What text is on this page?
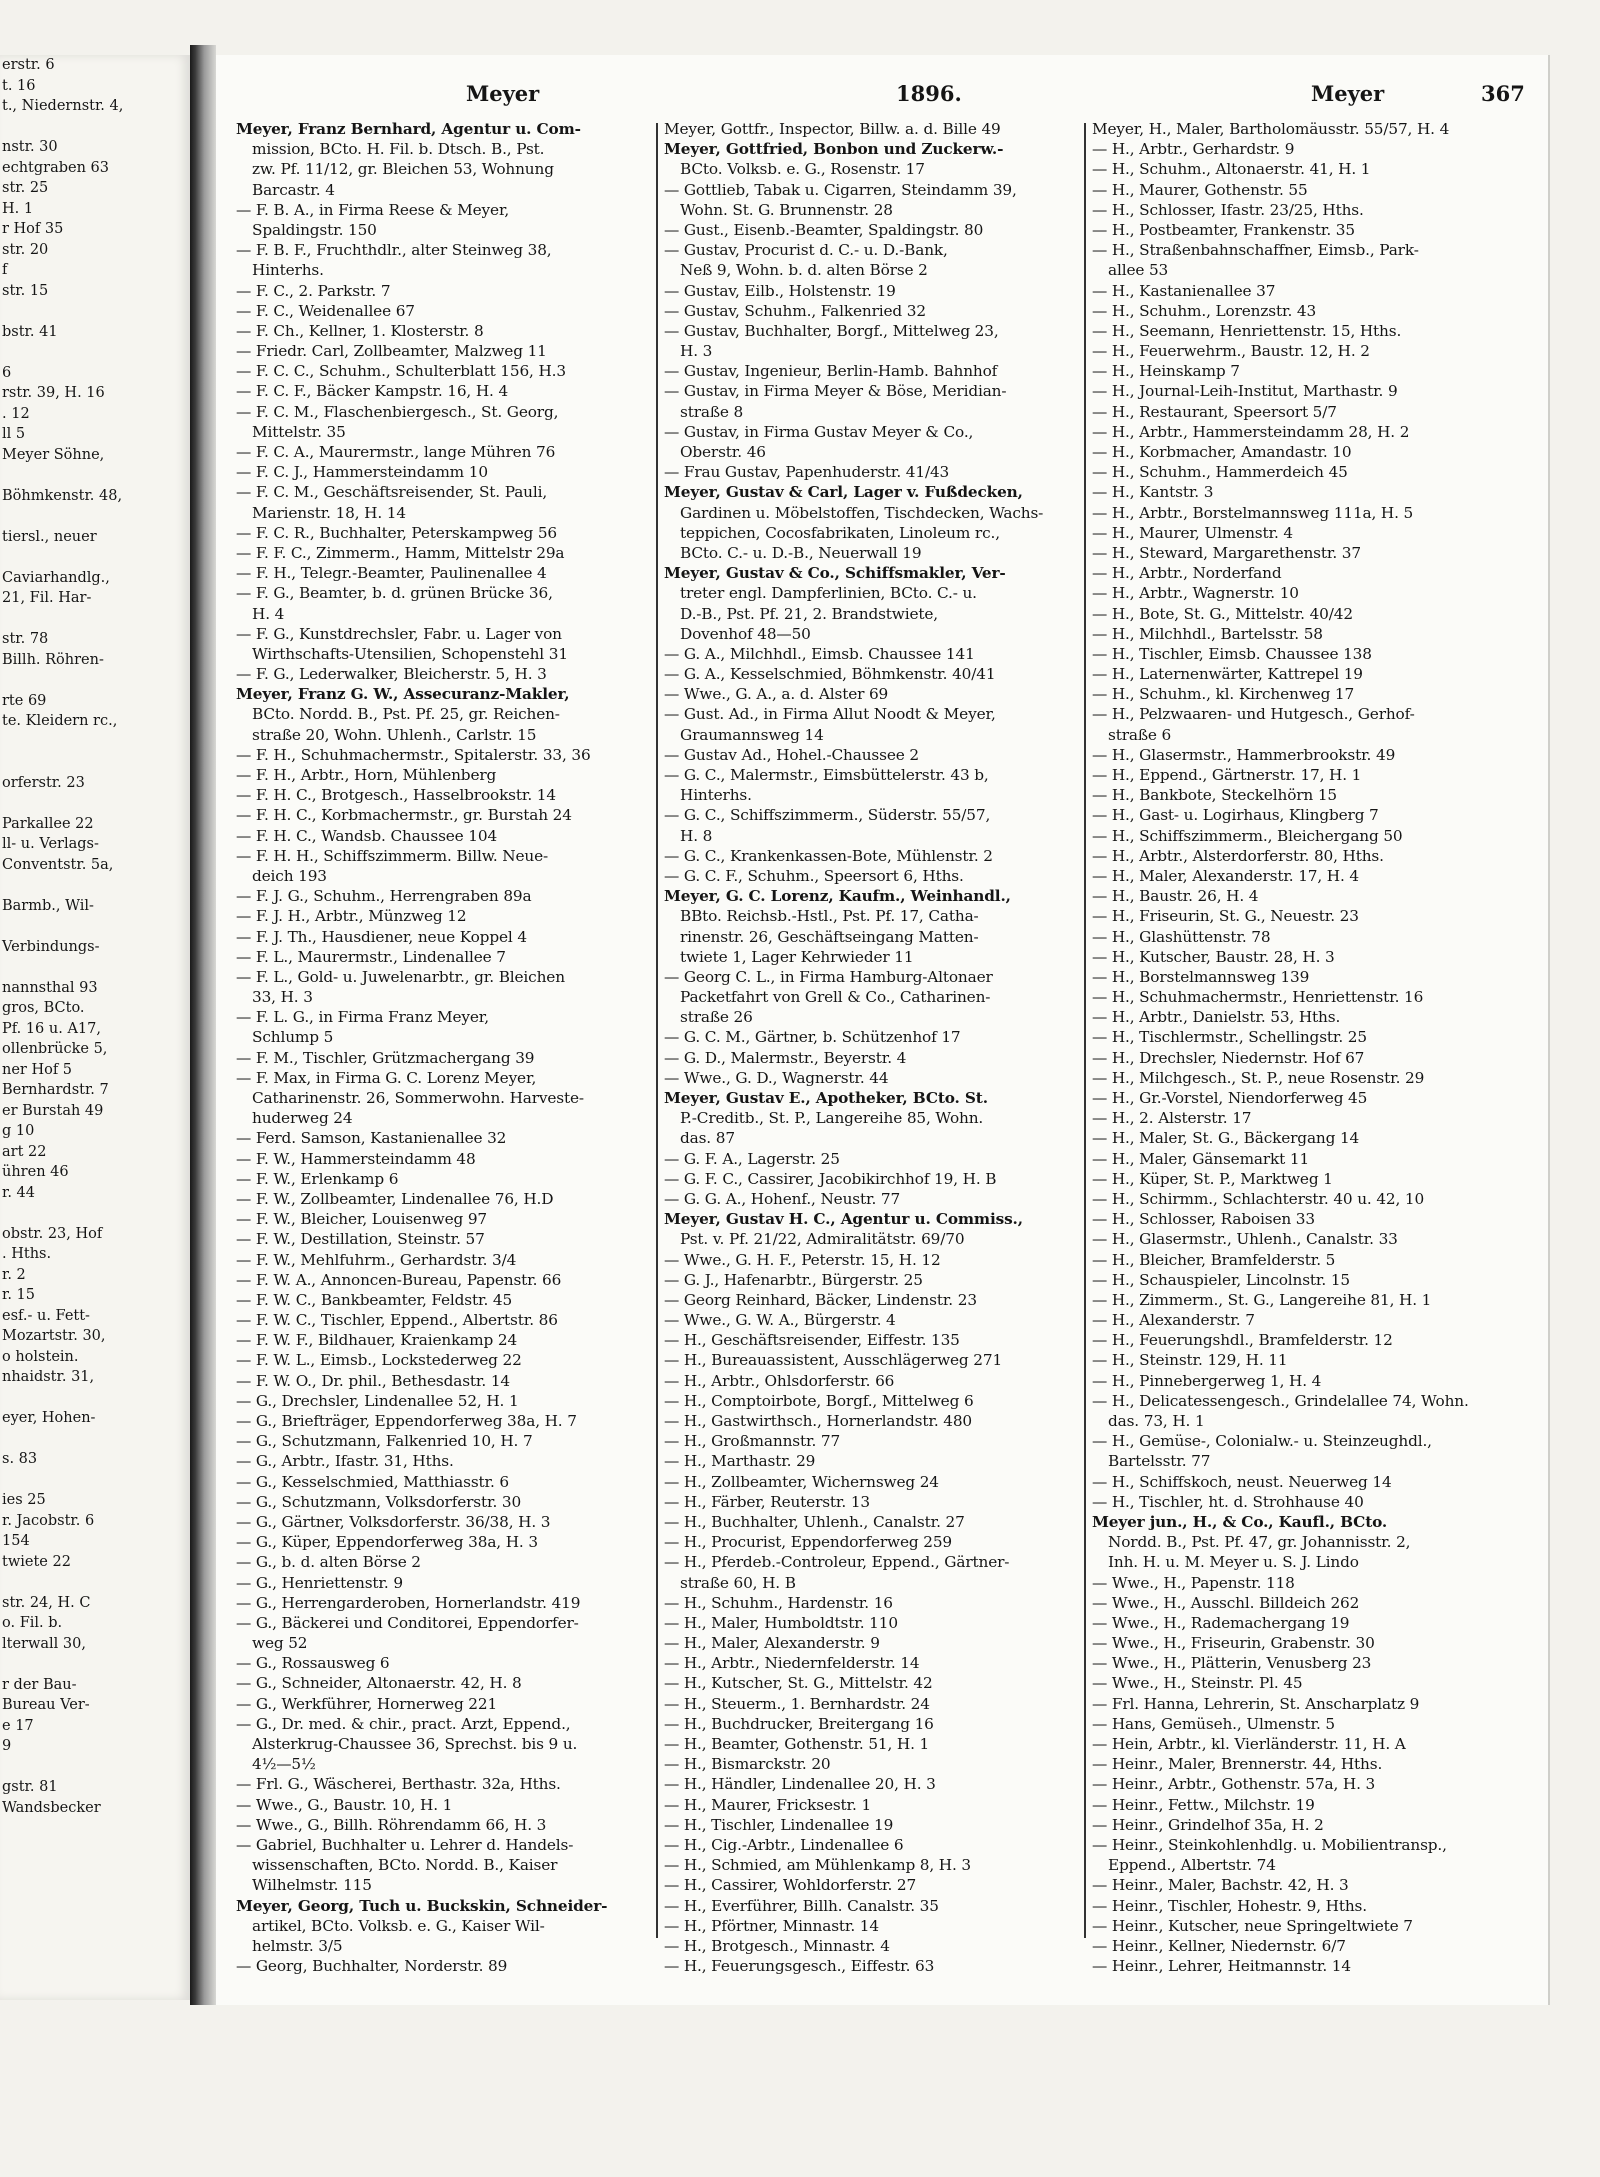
erstr. 6
t. 16
t., Niedernstr. 4,
nstr. 30
echtgraben 63
str. 25
H. 1
r Hof 35
str. 20
f
str. 15
bstr. 41
6
rstr. 39, H. 16
. 12
ll 5
Meyer Söhne,
Böhmkenstr. 48,
tiersl., neuer
Caviarhandlg.,
21, Fil. Har-
str. 78
Billh. Röhren-
rte 69
te. Kleidern rc.,
orferstr. 23
Parkallee 22
ll- u. Verlags-
Conventstr. 5a,
Barmb., Wil-
Verbindungs-
nannsthal 93
gros, BCto.
Pf. 16 u. A17,
ollenbrücke 5,
ner Hof 5
Bernhardstr. 7
er Burstah 49
g 10
art 22
ühren 46
r. 44
obstr. 23, Hof
. Hths.
r. 2
r. 15
esf.- u. Fett-
Mozartstr. 30,
o holstein.
nhaidstr. 31,
eyer, Hohen-
s. 83
ies 25
r. Jacobstr. 6
154
twiete 22
str. 24, H. C
o. Fil. b.
lterwall 30,
r der Bau-
Bureau Ver-
e 17
9
gstr. 81
Wandsbecker
Meyer	1896.	Meyer	367
Meyer, Franz Bernhard, Agentur u. Com-
mission, BCto. H. Fil. b. Dtsch. B., Pst.
zw. Pf. 11/12, gr. Bleichen 53, Wohnung
Barcastr. 4
— F. B. A., in Firma Reese & Meyer,
Spaldingstr. 150
— F. B. F., Fruchthdlr., alter Steinweg 38,
Hinterhs.
— F. C., 2. Parkstr. 7
— F. C., Weidenallee 67
— F. Ch., Kellner, 1. Klosterstr. 8
— Friedr. Carl, Zollbeamter, Malzweg 11
— F. C. C., Schuhm., Schulterblatt 156, H.3
— F. C. F., Bäcker Kampstr. 16, H. 4
— F. C. M., Flaschenbiergesch., St. Georg,
Mittelstr. 35
— F. C. A., Maurermstr., lange Mühren 76
— F. C. J., Hammersteindamm 10
— F. C. M., Geschäftsreisender, St. Pauli,
Marienstr. 18, H. 14
— F. C. R., Buchhalter, Peterskampweg 56
— F. F. C., Zimmerm., Hamm, Mittelstr 29a
— F. H., Telegr.-Beamter, Paulinenallee 4
— F. G., Beamter, b. d. grünen Brücke 36,
H. 4
— F. G., Kunstdrechsler, Fabr. u. Lager von
Wirthschafts-Utensilien, Schopenstehl 31
— F. G., Lederwalker, Bleicherstr. 5, H. 3
Meyer, Franz G. W., Assecuranz-Makler,
BCto. Nordd. B., Pst. Pf. 25, gr. Reichen-
straße 20, Wohn. Uhlenh., Carlstr. 15
— F. H., Schuhmachermstr., Spitalerstr. 33, 36
— F. H., Arbtr., Horn, Mühlenberg
— F. H. C., Brotgesch., Hasselbrookstr. 14
— F. H. C., Korbmachermstr., gr. Burstah 24
— F. H. C., Wandsb. Chaussee 104
— F. H. H., Schiffszimmerm. Billw. Neue-
deich 193
— F. J. G., Schuhm., Herrengraben 89a
— F. J. H., Arbtr., Münzweg 12
— F. J. Th., Hausdiener, neue Koppel 4
— F. L., Maurermstr., Lindenallee 7
— F. L., Gold- u. Juwelenarbtr., gr. Bleichen
33, H. 3
— F. L. G., in Firma Franz Meyer,
Schlump 5
— F. M., Tischler, Grützmachergang 39
— F. Max, in Firma G. C. Lorenz Meyer,
Catharinenstr. 26, Sommerwohn. Harveste-
huderweg 24
— Ferd. Samson, Kastanienallee 32
— F. W., Hammersteindamm 48
— F. W., Erlenkamp 6
— F. W., Zollbeamter, Lindenallee 76, H.D
— F. W., Bleicher, Louisenweg 97
— F. W., Destillation, Steinstr. 57
— F. W., Mehlfuhrm., Gerhardstr. 3/4
— F. W. A., Annoncen-Bureau, Papenstr. 66
— F. W. C., Bankbeamter, Feldstr. 45
— F. W. C., Tischler, Eppend., Albertstr. 86
— F. W. F., Bildhauer, Kraienkamp 24
— F. W. L., Eimsb., Lockstederweg 22
— F. W. O., Dr. phil., Bethesdastr. 14
— G., Drechsler, Lindenallee 52, H. 1
— G., Briefträger, Eppendorferweg 38a, H. 7
— G., Schutzmann, Falkenried 10, H. 7
— G., Arbtr., Ifastr. 31, Hths.
— G., Kesselschmied, Matthiasstr. 6
— G., Schutzmann, Volksdorferstr. 30
— G., Gärtner, Volksdorferstr. 36/38, H. 3
— G., Küper, Eppendorferweg 38a, H. 3
— G., b. d. alten Börse 2
— G., Henriettenstr. 9
— G., Herrengarderoben, Hornerlandstr. 419
— G., Bäckerei und Conditorei, Eppendorfer-
weg 52
— G., Rossausweg 6
— G., Schneider, Altonaerstr. 42, H. 8
— G., Werkführer, Hornerweg 221
— G., Dr. med. & chir., pract. Arzt, Eppend.,
Alsterkrug-Chaussee 36, Sprechst. bis 9 u.
4½—5½
— Frl. G., Wäscherei, Berthastr. 32a, Hths.
— Wwe., G., Baustr. 10, H. 1
— Wwe., G., Billh. Röhrendamm 66, H. 3
— Gabriel, Buchhalter u. Lehrer d. Handels-
wissenschaften, BCto. Nordd. B., Kaiser
Wilhelmstr. 115
Meyer, Georg, Tuch u. Buckskin, Schneider-
artikel, BCto. Volksb. e. G., Kaiser Wil-
helmstr. 3/5
— Georg, Buchhalter, Norderstr. 89
Meyer, Gottfr., Inspector, Billw. a. d. Bille 49
Meyer, Gottfried, Bonbon und Zuckerw.-
BCto. Volksb. e. G., Rosenstr. 17
— Gottlieb, Tabak u. Cigarren, Steindamm 39,
Wohn. St. G. Brunnenstr. 28
— Gust., Eisenb.-Beamter, Spaldingstr. 80
— Gustav, Procurist d. C.- u. D.-Bank,
Neß 9, Wohn. b. d. alten Börse 2
— Gustav, Eilb., Holstenstr. 19
— Gustav, Schuhm., Falkenried 32
— Gustav, Buchhalter, Borgf., Mittelweg 23,
H. 3
— Gustav, Ingenieur, Berlin-Hamb. Bahnhof
— Gustav, in Firma Meyer & Böse, Meridian-
straße 8
— Gustav, in Firma Gustav Meyer & Co.,
Oberstr. 46
— Frau Gustav, Papenhuderstr. 41/43
Meyer, Gustav & Carl, Lager v. Fußdecken,
Gardinen u. Möbelstoffen, Tischdecken, Wachs-
teppichen, Cocosfabrikaten, Linoleum rc.,
BCto. C.- u. D.-B., Neuerwall 19
Meyer, Gustav & Co., Schiffsmakler, Ver-
treter engl. Dampferlinien, BCto. C.- u.
D.-B., Pst. Pf. 21, 2. Brandstwiete,
Dovenhof 48—50
— G. A., Milchhdl., Eimsb. Chaussee 141
— G. A., Kesselschmied, Böhmkenstr. 40/41
— Wwe., G. A., a. d. Alster 69
— Gust. Ad., in Firma Allut Noodt & Meyer,
Graumannsweg 14
— Gustav Ad., Hohel.-Chaussee 2
— G. C., Malermstr., Eimsbüttelerstr. 43 b,
Hinterhs.
— G. C., Schiffszimmerm., Süderstr. 55/57,
H. 8
— G. C., Krankenkassen-Bote, Mühlenstr. 2
— G. C. F., Schuhm., Speersort 6, Hths.
Meyer, G. C. Lorenz, Kaufm., Weinhandl.,
BBto. Reichsb.-Hstl., Pst. Pf. 17, Catha-
rinenstr. 26, Geschäftseingang Matten-
twiete 1, Lager Kehrwieder 11
— Georg C. L., in Firma Hamburg-Altonaer
Packetfahrt von Grell & Co., Catharinen-
straße 26
— G. C. M., Gärtner, b. Schützenhof 17
— G. D., Malermstr., Beyerstr. 4
— Wwe., G. D., Wagnerstr. 44
Meyer, Gustav E., Apotheker, BCto. St.
P.-Creditb., St. P., Langereihe 85, Wohn.
das. 87
— G. F. A., Lagerstr. 25
— G. F. C., Cassirer, Jacobikirchhof 19, H. B
— G. G. A., Hohenf., Neustr. 77
Meyer, Gustav H. C., Agentur u. Commiss.,
Pst. v. Pf. 21/22, Admiralitätstr. 69/70
— Wwe., G. H. F., Peterstr. 15, H. 12
— G. J., Hafenarbtr., Bürgerstr. 25
— Georg Reinhard, Bäcker, Lindenstr. 23
— Wwe., G. W. A., Bürgerstr. 4
— H., Geschäftsreisender, Eiffestr. 135
— H., Bureauassistent, Ausschlägerweg 271
— H., Arbtr., Ohlsdorferstr. 66
— H., Comptoirbote, Borgf., Mittelweg 6
— H., Gastwirthsch., Hornerlandstr. 480
— H., Großmannstr. 77
— H., Marthastr. 29
— H., Zollbeamter, Wichernsweg 24
— H., Färber, Reuterstr. 13
— H., Buchhalter, Uhlenh., Canalstr. 27
— H., Procurist, Eppendorferweg 259
— H., Pferdeb.-Controleur, Eppend., Gärtner-
straße 60, H. B
— H., Schuhm., Hardenstr. 16
— H., Maler, Humboldtstr. 110
— H., Maler, Alexanderstr. 9
— H., Arbtr., Niedernfelderstr. 14
— H., Kutscher, St. G., Mittelstr. 42
— H., Steuerm., 1. Bernhardstr. 24
— H., Buchdrucker, Breitergang 16
— H., Beamter, Gothenstr. 51, H. 1
— H., Bismarckstr. 20
— H., Händler, Lindenallee 20, H. 3
— H., Maurer, Fricksestr. 1
— H., Tischler, Lindenallee 19
— H., Cig.-Arbtr., Lindenallee 6
— H., Schmied, am Mühlenkamp 8, H. 3
— H., Cassirer, Wohldorferstr. 27
— H., Everführer, Billh. Canalstr. 35
— H., Pförtner, Minnastr. 14
— H., Brotgesch., Minnastr. 4
— H., Feuerungsgesch., Eiffestr. 63
Meyer, H., Maler, Bartholomäusstr. 55/57, H. 4
— H., Arbtr., Gerhardstr. 9
— H., Schuhm., Altonaerstr. 41, H. 1
— H., Maurer, Gothenstr. 55
— H., Schlosser, Ifastr. 23/25, Hths.
— H., Postbeamter, Frankenstr. 35
— H., Straßenbahnschaffner, Eimsb., Park-
allee 53
— H., Kastanienallee 37
— H., Schuhm., Lorenzstr. 43
— H., Seemann, Henriettenstr. 15, Hths.
— H., Feuerwehrm., Baustr. 12, H. 2
— H., Heinskamp 7
— H., Journal-Leih-Institut, Marthastr. 9
— H., Restaurant, Speersort 5/7
— H., Arbtr., Hammersteindamm 28, H. 2
— H., Korbmacher, Amandastr. 10
— H., Schuhm., Hammerdeich 45
— H., Kantstr. 3
— H., Arbtr., Borstelmannsweg 111a, H. 5
— H., Maurer, Ulmenstr. 4
— H., Steward, Margarethenstr. 37
— H., Arbtr., Norderfand
— H., Arbtr., Wagnerstr. 10
— H., Bote, St. G., Mittelstr. 40/42
— H., Milchhdl., Bartelsstr. 58
— H., Tischler, Eimsb. Chaussee 138
— H., Laternenwärter, Kattrepel 19
— H., Schuhm., kl. Kirchenweg 17
— H., Pelzwaaren- und Hutgesch., Gerhof-
straße 6
— H., Glasermstr., Hammerbrookstr. 49
— H., Eppend., Gärtnerstr. 17, H. 1
— H., Bankbote, Steckelhörn 15
— H., Gast- u. Logirhaus, Klingberg 7
— H., Schiffszimmerm., Bleichergang 50
— H., Arbtr., Alsterdorferstr. 80, Hths.
— H., Maler, Alexanderstr. 17, H. 4
— H., Baustr. 26, H. 4
— H., Friseurin, St. G., Neuestr. 23
— H., Glashüttenstr. 78
— H., Kutscher, Baustr. 28, H. 3
— H., Borstelmannsweg 139
— H., Schuhmachermstr., Henriettenstr. 16
— H., Arbtr., Danielstr. 53, Hths.
— H., Tischlermstr., Schellingstr. 25
— H., Drechsler, Niedernstr. Hof 67
— H., Milchgesch., St. P., neue Rosenstr. 29
— H., Gr.-Vorstel, Niendorferweg 45
— H., 2. Alsterstr. 17
— H., Maler, St. G., Bäckergang 14
— H., Maler, Gänsemarkt 11
— H., Küper, St. P., Marktweg 1
— H., Schirmm., Schlachterstr. 40 u. 42, 10
— H., Schlosser, Raboisen 33
— H., Glasermstr., Uhlenh., Canalstr. 33
— H., Bleicher, Bramfelderstr. 5
— H., Schauspieler, Lincolnstr. 15
— H., Zimmerm., St. G., Langereihe 81, H. 1
— H., Alexanderstr. 7
— H., Feuerungshdl., Bramfelderstr. 12
— H., Steinstr. 129, H. 11
— H., Pinnebergerweg 1, H. 4
— H., Delicatessengesch., Grindelallee 74, Wohn.
das. 73, H. 1
— H., Gemüse-, Colonialw.- u. Steinzeughdl.,
Bartelsstr. 77
— H., Schiffskoch, neust. Neuerweg 14
— H., Tischler, ht. d. Strohhause 40
Meyer jun., H., & Co., Kaufl., BCto.
Nordd. B., Pst. Pf. 47, gr. Johannisstr. 2,
Inh. H. u. M. Meyer u. S. J. Lindo
— Wwe., H., Papenstr. 118
— Wwe., H., Ausschl. Billdeich 262
— Wwe., H., Rademachergang 19
— Wwe., H., Friseurin, Grabenstr. 30
— Wwe., H., Plätterin, Venusberg 23
— Wwe., H., Steinstr. Pl. 45
— Frl. Hanna, Lehrerin, St. Anscharplatz 9
— Hans, Gemüseh., Ulmenstr. 5
— Hein, Arbtr., kl. Vierländerstr. 11, H. A
— Heinr., Maler, Brennerstr. 44, Hths.
— Heinr., Arbtr., Gothenstr. 57a, H. 3
— Heinr., Fettw., Milchstr. 19
— Heinr., Grindelhof 35a, H. 2
— Heinr., Steinkohlenhdlg. u. Mobilientransp.,
Eppend., Albertstr. 74
— Heinr., Maler, Bachstr. 42, H. 3
— Heinr., Tischler, Hohestr. 9, Hths.
— Heinr., Kutscher, neue Springeltwiete 7
— Heinr., Kellner, Niedernstr. 6/7
— Heinr., Lehrer, Heitmannstr. 14
